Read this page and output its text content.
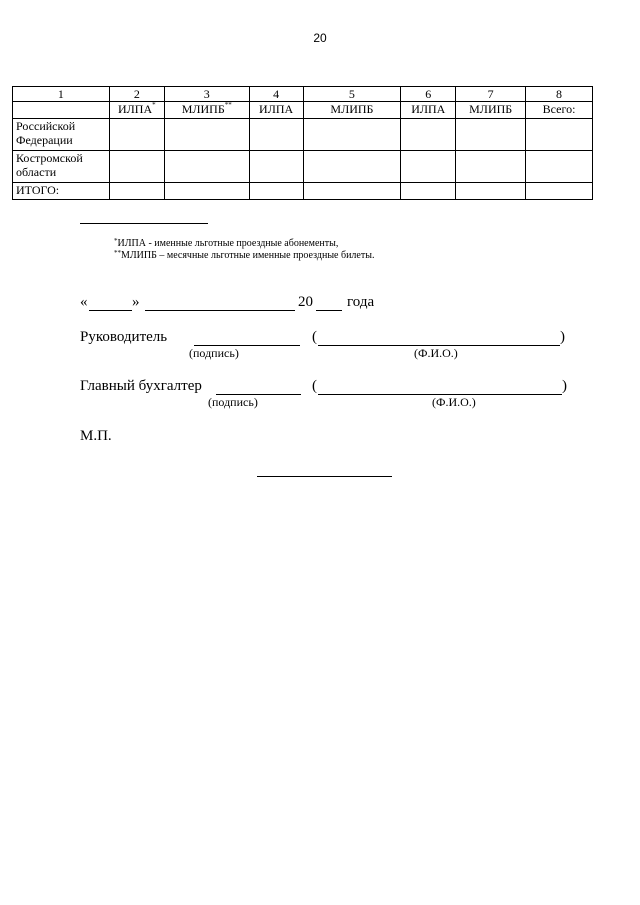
20
1	2	3	4	5	6	7	8
	ИЛПА*	МЛИПБ**	ИЛПА	МЛИПБ	ИЛПА	МЛИПБ	Всего:
Российской Федерации							
Костромской области							
ИТОГО:							
*ИЛПА - именные льготные проездные абонементы,
**МЛИПБ – месячные льготные именные проездные билеты.
«	»	20 года
Руководитель	(	)
(подпись)	(Ф.И.О.)
Главный бухгалтер	(	)
(подпись)	(Ф.И.О.)
М.П.
